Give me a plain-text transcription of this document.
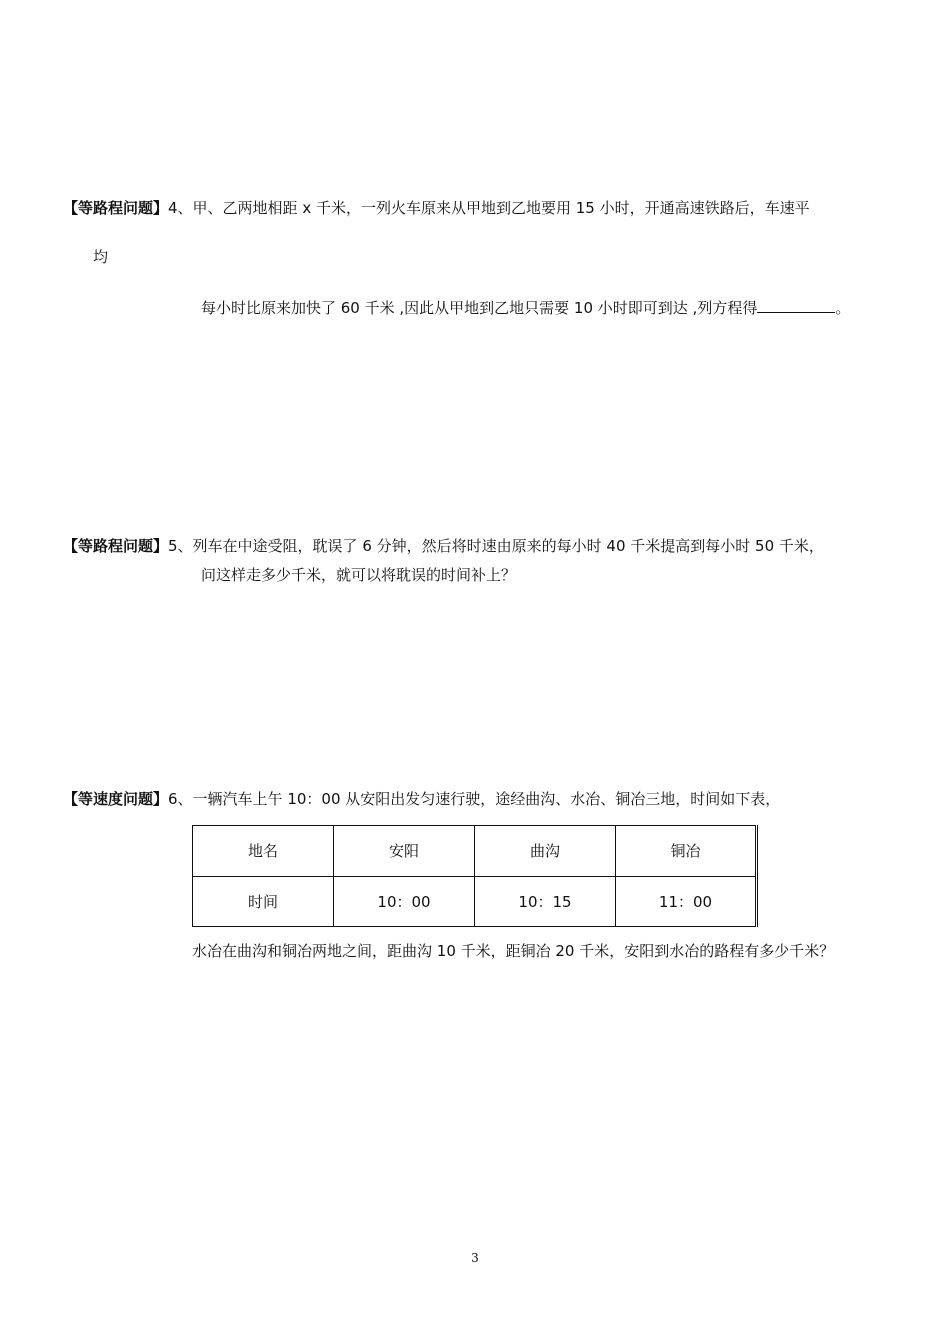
【等路程问题】4、甲、乙两地相距 x 千米，一列火车原来从甲地到乙地要用 15 小时，开通高速铁路后，车速平
均
每小时比原来加快了 60 千米 ,因此从甲地到乙地只需要 10 小时即可到达 ,列方程得	。
【等路程问题】5、列车在中途受阻，耽误了 6 分钟，然后将时速由原来的每小时 40 千米提高到每小时 50 千米，
问这样走多少千米，就可以将耽误的时间补上？
【等速度问题】6、一辆汽车上午 10：00 从安阳出发匀速行驶，途经曲沟、水冶、铜冶三地，时间如下表，
地名	安阳	曲沟	铜冶
时间	10：00	10：15	11：00
水冶在曲沟和铜冶两地之间，距曲沟 10 千米，距铜冶 20 千米，安阳到水冶的路程有多少千米？
3
